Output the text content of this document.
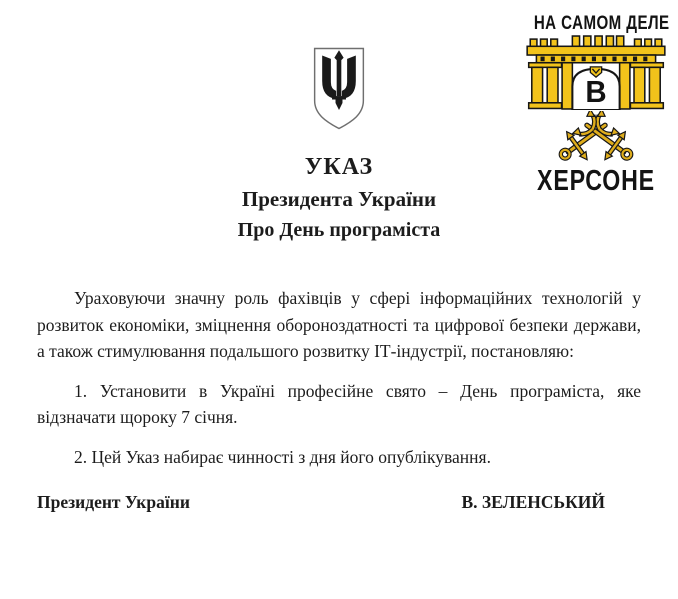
УКАЗ
Президента України
Про День програміста

Ураховуючи значну роль фахівців у сфері інформаційних технологій у розвиток економіки, зміцнення обороноздатності та цифрової безпеки держави, а також стимулювання подальшого розвитку ІТ-індустрії, постановляю:

1. Установити в Україні професійне свято – День програміста, яке відзначати щороку 7 січня.

2. Цей Указ набирає чинності з дня його опублікування.

Президент України	В. ЗЕЛЕНСЬКИЙ
НА САМОМ ДЕЛЕ
В
ХЕРСОНЕ
